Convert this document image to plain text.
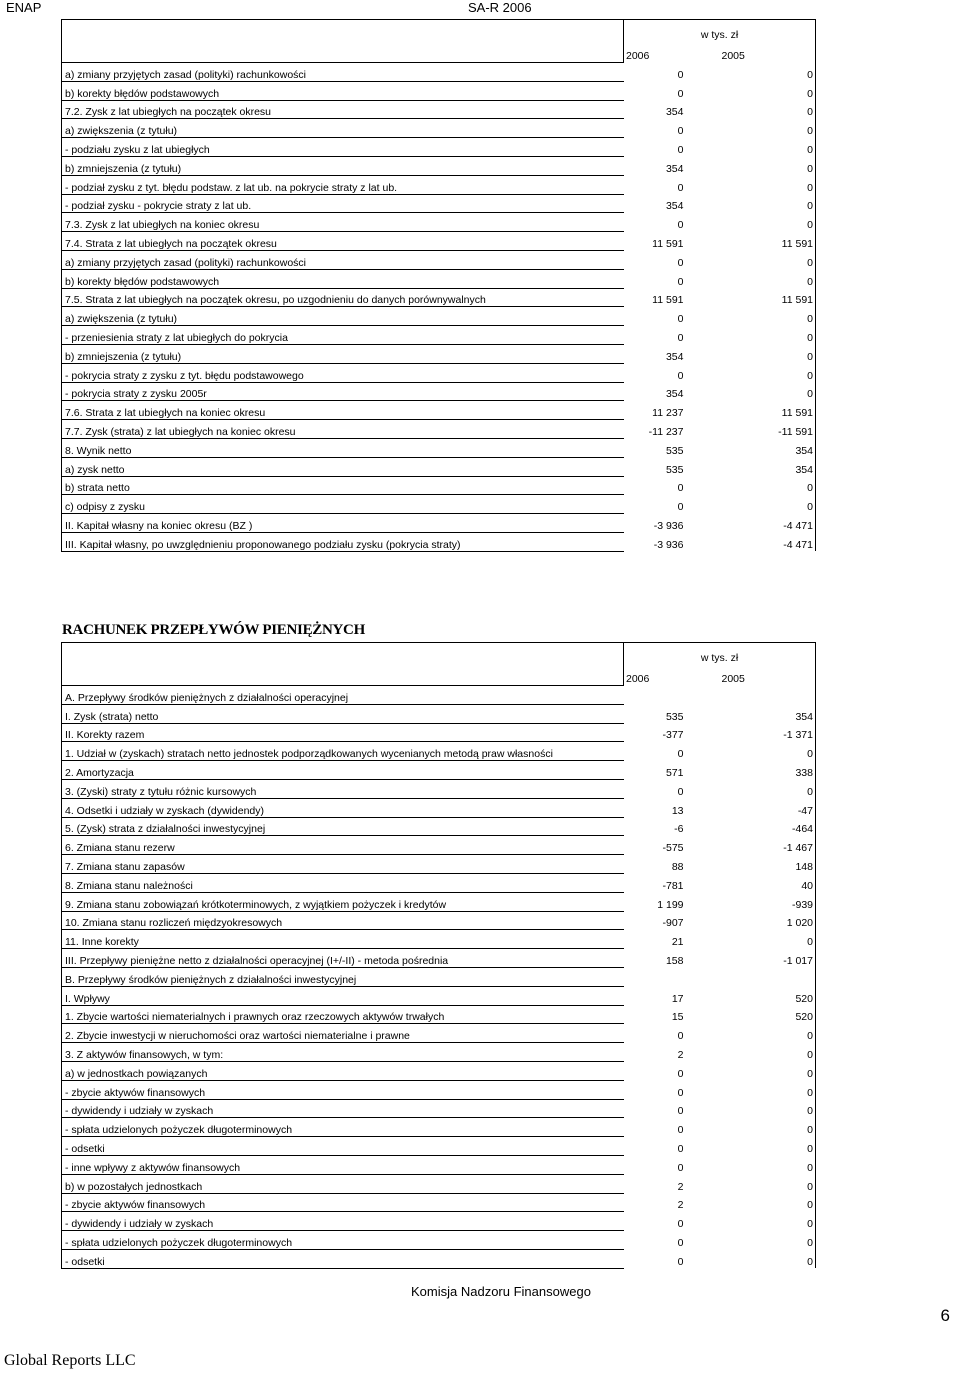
ENAP	SA-R 2006
	w tys. zł	
	2006	2005
a) zmiany przyjętych zasad (polityki) rachunkowości	0	0
b) korekty błędów podstawowych	0	0
7.2. Zysk z lat ubiegłych na początek okresu	354	0
a) zwiększenia (z tytułu)	0	0
- podziału zysku z lat ubiegłych	0	0
b) zmniejszenia (z tytułu)	354	0
- podział zysku z tyt. błędu podstaw. z lat ub. na pokrycie straty z lat ub.	0	0
- podział zysku - pokrycie straty z lat ub.	354	0
7.3. Zysk z lat ubiegłych na koniec okresu	0	0
7.4. Strata z lat ubiegłych na początek okresu	11 591	11 591
a) zmiany przyjętych zasad (polityki) rachunkowości	0	0
b) korekty błędów podstawowych	0	0
7.5. Strata z lat ubiegłych na początek okresu, po uzgodnieniu do danych porównywalnych	11 591	11 591
a) zwiększenia (z tytułu)	0	0
- przeniesienia straty z lat ubiegłych do pokrycia	0	0
b) zmniejszenia (z tytułu)	354	0
- pokrycia straty z zysku z tyt. błędu podstawowego	0	0
- pokrycia straty z zysku 2005r	354	0
7.6. Strata z lat ubiegłych na koniec okresu	11 237	11 591
7.7. Zysk (strata) z lat ubiegłych na koniec okresu	-11 237	-11 591
8. Wynik netto	535	354
a) zysk netto	535	354
b) strata netto	0	0
c) odpisy z zysku	0	0
II. Kapitał własny na koniec okresu (BZ )	-3 936	-4 471
III. Kapitał własny, po uwzględnieniu proponowanego podziału zysku (pokrycia straty)	-3 936	-4 471
RACHUNEK PRZEPŁYWÓW PIENIĘŻNYCH
	w tys. zł	
	2006	2005
A. Przepływy środków pieniężnych z działalności operacyjnej		
I. Zysk (strata) netto	535	354
II. Korekty razem	-377	-1 371
1. Udział w (zyskach) stratach netto jednostek podporządkowanych wycenianych metodą praw własności	0	0
2. Amortyzacja	571	338
3. (Zyski) straty z tytułu różnic kursowych	0	0
4. Odsetki i udziały w zyskach (dywidendy)	13	-47
5. (Zysk) strata z działalności inwestycyjnej	-6	-464
6. Zmiana stanu rezerw	-575	-1 467
7. Zmiana stanu zapasów	88	148
8. Zmiana stanu należności	-781	40
9. Zmiana stanu zobowiązań krótkoterminowych, z wyjątkiem pożyczek i kredytów	1 199	-939
10. Zmiana stanu rozliczeń międzyokresowych	-907	1 020
11. Inne korekty	21	0
III. Przepływy pieniężne netto z działalności operacyjnej (I+/-II) - metoda pośrednia	158	-1 017
B. Przepływy środków pieniężnych z działalności inwestycyjnej		
I. Wpływy	17	520
1. Zbycie wartości niematerialnych i prawnych oraz rzeczowych aktywów trwałych	15	520
2. Zbycie inwestycji w nieruchomości oraz wartości niematerialne i prawne	0	0
3. Z aktywów finansowych, w tym:	2	0
a) w jednostkach powiązanych	0	0
- zbycie aktywów finansowych	0	0
- dywidendy i udziały w zyskach	0	0
- spłata udzielonych pożyczek długoterminowych	0	0
- odsetki	0	0
- inne wpływy z aktywów finansowych	0	0
b) w pozostałych jednostkach	2	0
- zbycie aktywów finansowych	2	0
- dywidendy i udziały w zyskach	0	0
- spłata udzielonych pożyczek długoterminowych	0	0
- odsetki	0	0
Komisja Nadzoru Finansowego
6
Global Reports LLC
